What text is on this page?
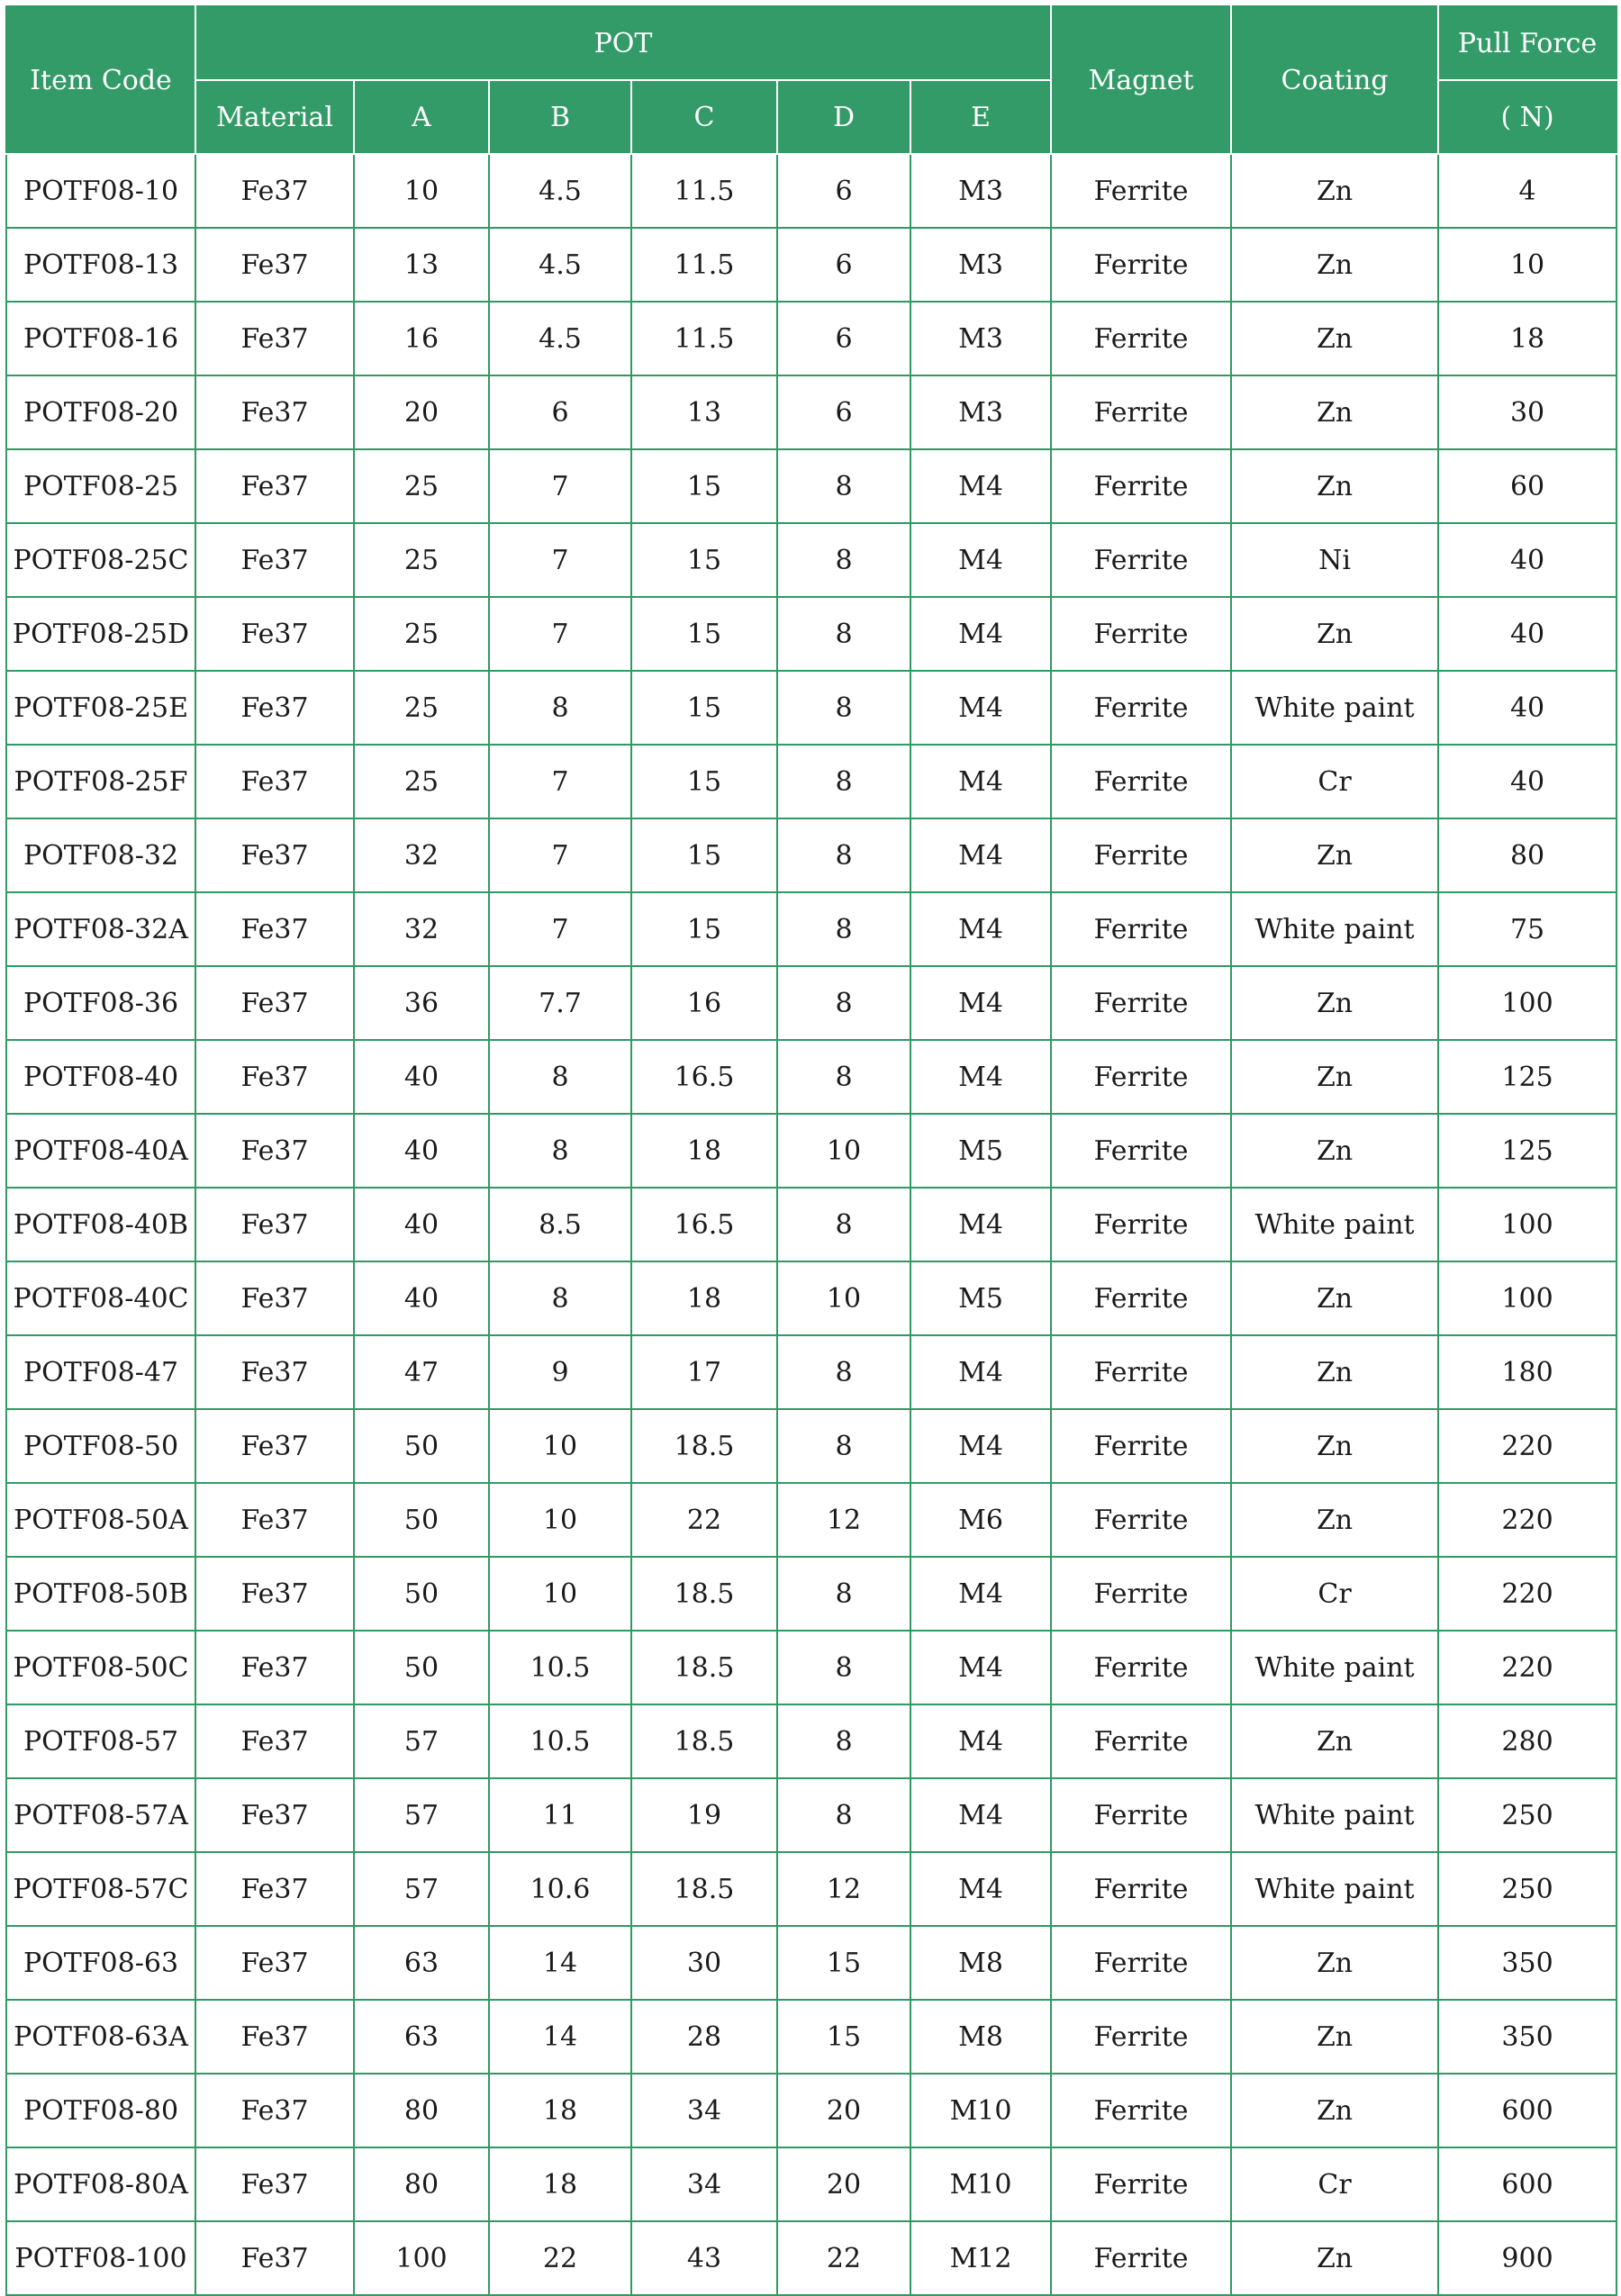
Item Code	POT						Magnet	Coating	Pull Force
	Material	A	B	C	D	E			( N)
POTF08-10	Fe37	10	4.5	11.5	6	M3	Ferrite	Zn	4
POTF08-13	Fe37	13	4.5	11.5	6	M3	Ferrite	Zn	10
POTF08-16	Fe37	16	4.5	11.5	6	M3	Ferrite	Zn	18
POTF08-20	Fe37	20	6	13	6	M3	Ferrite	Zn	30
POTF08-25	Fe37	25	7	15	8	M4	Ferrite	Zn	60
POTF08-25C	Fe37	25	7	15	8	M4	Ferrite	Ni	40
POTF08-25D	Fe37	25	7	15	8	M4	Ferrite	Zn	40
POTF08-25E	Fe37	25	8	15	8	M4	Ferrite	White paint	40
POTF08-25F	Fe37	25	7	15	8	M4	Ferrite	Cr	40
POTF08-32	Fe37	32	7	15	8	M4	Ferrite	Zn	80
POTF08-32A	Fe37	32	7	15	8	M4	Ferrite	White paint	75
POTF08-36	Fe37	36	7.7	16	8	M4	Ferrite	Zn	100
POTF08-40	Fe37	40	8	16.5	8	M4	Ferrite	Zn	125
POTF08-40A	Fe37	40	8	18	10	M5	Ferrite	Zn	125
POTF08-40B	Fe37	40	8.5	16.5	8	M4	Ferrite	White paint	100
POTF08-40C	Fe37	40	8	18	10	M5	Ferrite	Zn	100
POTF08-47	Fe37	47	9	17	8	M4	Ferrite	Zn	180
POTF08-50	Fe37	50	10	18.5	8	M4	Ferrite	Zn	220
POTF08-50A	Fe37	50	10	22	12	M6	Ferrite	Zn	220
POTF08-50B	Fe37	50	10	18.5	8	M4	Ferrite	Cr	220
POTF08-50C	Fe37	50	10.5	18.5	8	M4	Ferrite	White paint	220
POTF08-57	Fe37	57	10.5	18.5	8	M4	Ferrite	Zn	280
POTF08-57A	Fe37	57	11	19	8	M4	Ferrite	White paint	250
POTF08-57C	Fe37	57	10.6	18.5	12	M4	Ferrite	White paint	250
POTF08-63	Fe37	63	14	30	15	M8	Ferrite	Zn	350
POTF08-63A	Fe37	63	14	28	15	M8	Ferrite	Zn	350
POTF08-80	Fe37	80	18	34	20	M10	Ferrite	Zn	600
POTF08-80A	Fe37	80	18	34	20	M10	Ferrite	Cr	600
POTF08-100	Fe37	100	22	43	22	M12	Ferrite	Zn	900
